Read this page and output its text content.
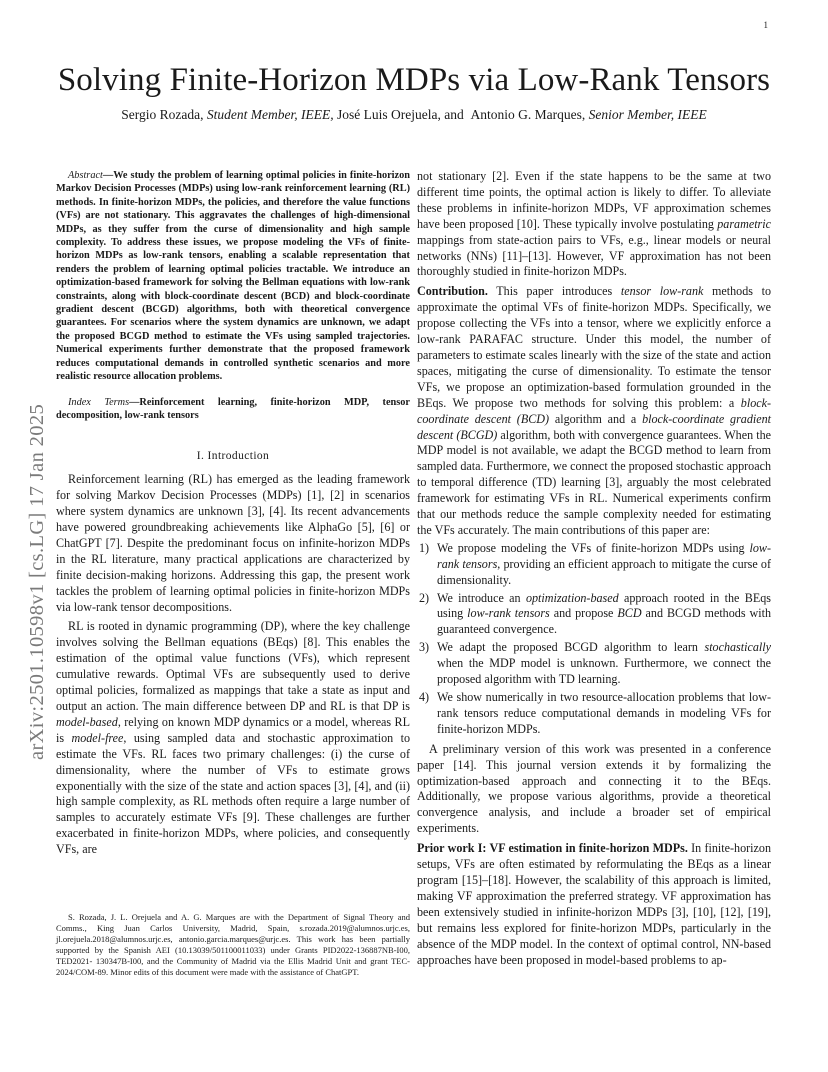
1
arXiv:2501.10598v1 [cs.LG] 17 Jan 2025
Solving Finite-Horizon MDPs via Low-Rank Tensors
Sergio Rozada, Student Member, IEEE, José Luis Orejuela, and Antonio G. Marques, Senior Member, IEEE

Abstract—We study the problem of learning optimal policies in finite-horizon Markov Decision Processes (MDPs) using low-rank reinforcement learning (RL) methods. In finite-horizon MDPs, the policies, and therefore the value functions (VFs) are not stationary. This aggravates the challenges of high-dimensional MDPs, as they suffer from the curse of dimensionality and high sample complexity. To address these issues, we propose modeling the VFs of finite-horizon MDPs as low-rank tensors, enabling a scalable representation that renders the problem of learning optimal policies tractable. We introduce an optimization-based framework for solving the Bellman equations with low-rank constraints, along with block-coordinate descent (BCD) and block-coordinate gradient descent (BCGD) algorithms, both with theoretical convergence guarantees. For scenarios where the system dynamics are unknown, we adapt the proposed BCGD method to estimate the VFs using sampled trajectories. Numerical experiments further demonstrate that the proposed framework reduces computational demands in controlled synthetic scenarios and more realistic resource allocation problems.

Index Terms—Reinforcement learning, finite-horizon MDP, tensor decomposition, low-rank tensors

I. Introduction

Reinforcement learning (RL) has emerged as the leading framework for solving Markov Decision Processes (MDPs) [1], [2] in scenarios where system dynamics are unknown [3], [4]. Its recent advancements have powered groundbreaking achievements like AlphaGo [5], [6] or ChatGPT [7]. Despite the predominant focus on infinite-horizon MDPs in the RL literature, many practical applications are characterized by finite decision-making horizons. Addressing this gap, the present work tackles the problem of learning optimal policies in finite-horizon MDPs via low-rank tensor decompositions.

RL is rooted in dynamic programming (DP), where the key challenge involves solving the Bellman equations (BEqs) [8]. This enables the estimation of the optimal value functions (VFs), which represent cumulative rewards. Optimal VFs are subsequently used to derive optimal policies, formalized as mappings that take a state as input and output an action. The main difference between DP and RL is that DP is model-based, relying on known MDP dynamics or a model, whereas RL is model-free, using sampled data and stochastic approximation to estimate the VFs. RL faces two primary challenges: (i) the curse of dimensionality, where the number of VFs to estimate grows exponentially with the size of the state and action spaces [3], [4], and (ii) high sample complexity, as RL methods often require a large number of samples to accurately estimate VFs [9]. These challenges are further exacerbated in finite-horizon MDPs, where policies, and consequently VFs, are

not stationary [2]. Even if the state happens to be the same at two different time points, the optimal action is likely to differ. To alleviate these problems in infinite-horizon MDPs, VF approximation schemes have been proposed [10]. These typically involve postulating parametric mappings from state-action pairs to VFs, e.g., linear models or neural networks (NNs) [11]–[13]. However, VF approximation has not been thoroughly studied in finite-horizon MDPs.

Contribution. This paper introduces tensor low-rank methods to approximate the optimal VFs of finite-horizon MDPs. Specifically, we propose collecting the VFs into a tensor, where we explicitly enforce a low-rank PARAFAC structure. Under this model, the number of parameters to estimate scales linearly with the size of the state and action spaces, mitigating the curse of dimensionality. To estimate the tensor VFs, we propose an optimization-based formulation grounded in the BEqs. We propose two methods for solving this problem: a block-coordinate descent (BCD) algorithm and a block-coordinate gradient descent (BCGD) algorithm, both with convergence guarantees. When the MDP model is not available, we adapt the BCGD method to learn from sampled data. Furthermore, we connect the proposed stochastic approach to temporal difference (TD) learning [3], arguably the most celebrated framework for estimating VFs in RL. Numerical experiments confirm that our methods reduce the sample complexity needed for estimating the VFs accurately. The main contributions of this paper are:

1) We propose modeling the VFs of finite-horizon MDPs using low-rank tensors, providing an efficient approach to mitigate the curse of dimensionality.
2) We introduce an optimization-based approach rooted in the BEqs using low-rank tensors and propose BCD and BCGD methods with guaranteed convergence.
3) We adapt the proposed BCGD algorithm to learn stochastically when the MDP model is unknown. Furthermore, we connect the proposed algorithm with TD learning.
4) We show numerically in two resource-allocation problems that low-rank tensors reduce computational demands in modeling VFs for finite-horizon MDPs.

A preliminary version of this work was presented in a conference paper [14]. This journal version extends it by formalizing the optimization-based approach and connecting it to the BEqs. Additionally, we propose various algorithms, provide a theoretical convergence analysis, and include a broader set of empirical experiments.

Prior work I: VF estimation in finite-horizon MDPs. In finite-horizon setups, VFs are often estimated by reformulating the BEqs as a linear program [15]–[18]. However, the scalability of this approach is limited, making VF approximation the preferred strategy. VF approximation has been extensively studied in infinite-horizon MDPs [3], [10], [12], [19], but remains less explored for finite-horizon MDPs, particularly in the absence of the MDP model. In the context of optimal control, NN-based approaches have been proposed in model-based problems to ap-

S. Rozada, J. L. Orejuela and A. G. Marques are with the Department of Signal Theory and Comms., King Juan Carlos University, Madrid, Spain, s.rozada.2019@alumnos.urjc.es, jl.orejuela.2018@alumnos.urjc.es, antonio.garcia.marques@urjc.es. This work has been partially supported by the Spanish AEI (10.13039/501100011033) under Grants PID2022-136887NB-I00, TED2021- 130347B-I00, and the Community of Madrid via the Ellis Madrid Unit and grant TEC-2024/COM-89. Minor edits of this document were made with the assistance of ChatGPT.
